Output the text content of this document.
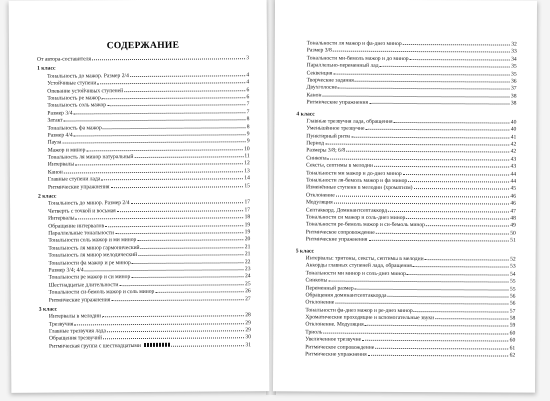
СОДЕРЖАНИЕ
От автора-составителя	3
1 класс
Тональность до мажор. Размер 2/4	4
Устойчивые ступени	4
Опевание устойчивых ступеней	6
Тональность ре мажор	6
Тональность соль мажор	7
Размер 3/4	7
Затакт	8
Тональность фа мажор	8
Размер 4/4	9
Пауза	9
Мажор и минор	10
Тональность ля минор натуральный	11
Интервалы	12
Канон	13
Главные ступени лада	14
Ритмические упражнения	15
2 класс
Тональность до минор. Размер 2/4	17
Четверть с точкой и восьмая	17
Интервалы	18
Обращение интервалов	19
Параллельные тональности	19
Тональности соль мажор и ми минор	20
Тональность ля минор гармонический	21
Тональность ля минор мелодический	21
Тональности фа мажор и ре минор	22
Размер 3/4; 4/4	23
Тональности ре мажор и си минор	24
Шестнадцатые длительности	25
Тональности си-бемоль мажор и соль минор	26
Ритмические упражнения	27
3 класс
Интервалы в мелодии	28
Трезвучия	29
Главные трезвучия лада	29
Обращения трезвучий	30
Ритмическая группа с шестнадцатыми	31
Тональности ля мажор и фа-диез минор	32
Размер 3/8	33
Тональности ми-бемоль мажор и до минор	34
Параллельно-переменный лад	35
Секвенция	35
Творческие задания	36
Двухголосие	37
Канон	38
Ритмические упражнения	38
4 класс
Главные трезвучия лада, обращения	40
Уменьшённое трезвучие	40
Пунктирный ритм	41
Период	42
Размеры 3/8; 6/8	42
Синкопа	43
Сексты, септимы в мелодии	43
Тональности ми мажор и до-диез минор	44
Тональности ля-бемоль мажор и фа минор	44
Изменённые ступени в мелодии (хроматизм)	45
Отклонение	46
Модуляция	46
Септаккорд. Доминантсептаккорд	47
Тональности си мажор и соль-диез минор	48
Тональности ре-бемоль мажор и си-бемоль минор	49
Ритмическое сопровождение	50
Ритмические упражнения	51
5 класс
Интервалы: тритоны, сексты, септимы в мелодии	52
Аккорды главных ступеней лада, обращения	53
Тональности ми минор и соль-диез минор	54
Синкопы	55
Переменный размер	55
Обращения доминантсептаккорда	56
Отклонение	56
Тональности фа-диез мажор и ре-диез минор	57
Хроматические проходящие и вспомогательные звуки	58
Отклонение. Модуляция	59
Триоль	60
Увеличенное трезвучие	60
Ритмическое сопровождение	61
Ритмические упражнения	62
